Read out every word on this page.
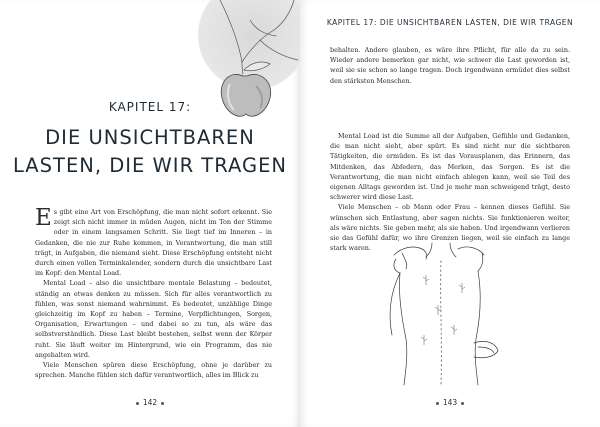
KAPITEL 17:
DIE UNSICHTBAREN
LASTEN, DIE WIR TRAGEN

Es gibt eine Art von Erschöpfung, die man nicht sofort erkennt. Sie zeigt sich nicht immer in müden Augen, nicht im Ton der Stimme oder in einem langsamen Schritt. Sie liegt tief im Inneren – in Gedanken, die nie zur Ruhe kommen, in Verantwortung, die man still trägt, in Aufgaben, die niemand sieht. Diese Erschöpfung entsteht nicht durch einen vollen Terminkalender, sondern durch die unsichtbare Last im Kopf: den Mental Load.

Mental Load – also die unsichtbare mentale Belastung – bedeutet, ständig an etwas denken zu müssen. Sich für alles verantwortlich zu fühlen, was sonst niemand wahrnimmt. Es bedeutet, unzählige Dinge gleichzeitig im Kopf zu haben – Termine, Verpflichtungen, Sorgen, Organisation, Erwartungen – und dabei so zu tun, als wäre das selbstverständlich. Diese Last bleibt bestehen, selbst wenn der Körper ruht. Sie läuft weiter im Hintergrund, wie ein Programm, das nie angehalten wird.

Viele Menschen spüren diese Erschöpfung, ohne je darüber zu sprechen. Manche fühlen sich dafür verantwortlich, alles im Blick zu

142
KAPITEL 17: DIE UNSICHTBAREN LASTEN, DIE WIR TRAGEN

behalten. Andere glauben, es wäre ihre Pflicht, für alle da zu sein. Wieder andere bemerken gar nicht, wie schwer die Last geworden ist, weil sie sie schon so lange tragen. Doch irgendwann ermüdet dies selbst den stärksten Menschen.

Mental Load ist die Summe all der Aufgaben, Gefühle und Gedanken, die man nicht sieht, aber spürt. Es sind nicht nur die sichtbaren Tätigkeiten, die ermüden. Es ist das Vorausplanen, das Erinnern, das Mitdenken, das Abfedern, das Merken, das Sorgen. Es ist die Verantwortung, die man nicht einfach ablegen kann, weil sie Teil des eigenen Alltags geworden ist. Und je mehr man schweigend trägt, desto schwerer wird diese Last.

Viele Menschen – ob Mann oder Frau – kennen dieses Gefühl. Sie wünschen sich Entlastung, aber sagen nichts. Sie funktionieren weiter, als wäre nichts. Sie geben mehr, als sie haben. Und irgendwann verlieren sie das Gefühl dafür, wo ihre Grenzen liegen, weil sie einfach zu lange stark waren.

143
